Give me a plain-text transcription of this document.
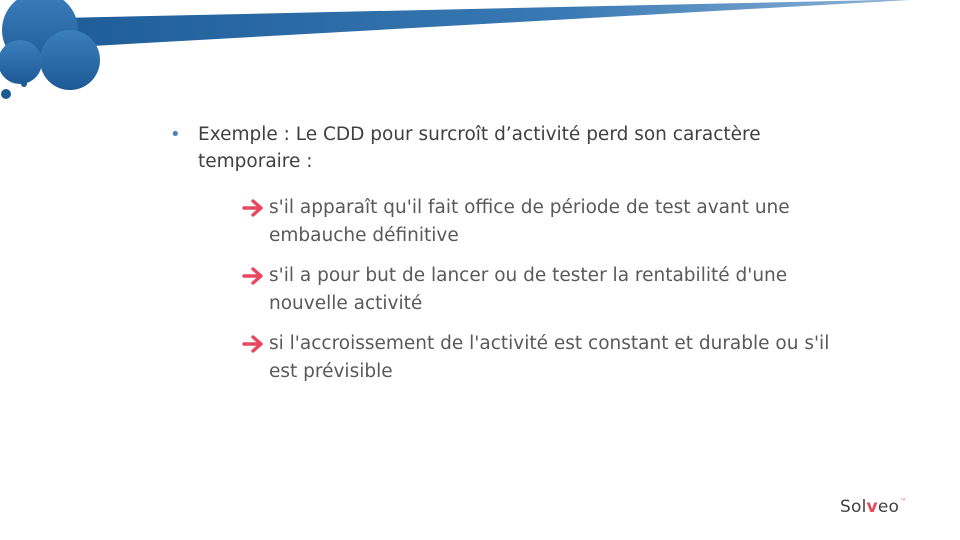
• Exemple : Le CDD pour surcroît d’activité perd son caractère temporaire :
s'il apparaît qu'il fait office de période de test avant une embauche définitive
s'il a pour but de lancer ou de tester la rentabilité d'une nouvelle activité
si l'accroissement de l'activité est constant et durable ou s'il est prévisible
Sol v eo ™
